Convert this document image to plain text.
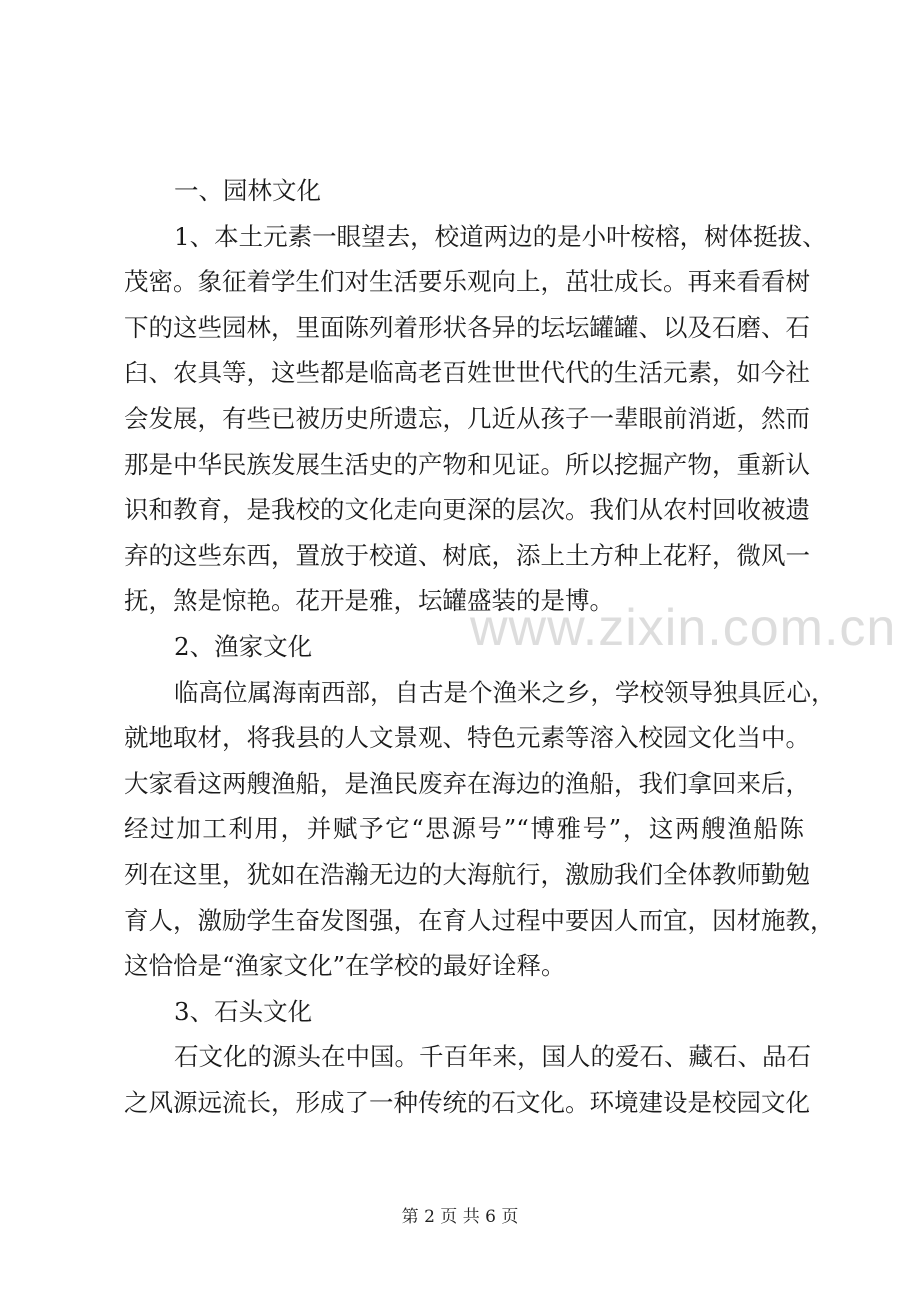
一、园林文化
1、本土元素一眼望去，校道两边的是小叶桉榕，树体挺拔、
茂密。象征着学生们对生活要乐观向上，茁壮成长。再来看看树
下的这些园林，里面陈列着形状各异的坛坛罐罐、以及石磨、石
臼、农具等，这些都是临高老百姓世世代代的生活元素，如今社
会发展，有些已被历史所遗忘，几近从孩子一辈眼前消逝，然而
那是中华民族发展生活史的产物和见证。所以挖掘产物，重新认
识和教育，是我校的文化走向更深的层次。我们从农村回收被遗
弃的这些东西，置放于校道、树底，添上土方种上花籽，微风一
抚，煞是惊艳。花开是雅，坛罐盛装的是博。
2、渔家文化
临高位属海南西部，自古是个渔米之乡，学校领导独具匠心，
就地取材，将我县的人文景观、特色元素等溶入校园文化当中。
大家看这两艘渔船，是渔民废弃在海边的渔船，我们拿回来后，
经过加工利用，并赋予它“思源号”“博雅号”，这两艘渔船陈
列在这里，犹如在浩瀚无边的大海航行，激励我们全体教师勤勉
育人，激励学生奋发图强，在育人过程中要因人而宜，因材施教，
这恰恰是“渔家文化”在学校的最好诠释。
3、石头文化
石文化的源头在中国。千百年来，国人的爱石、藏石、品石
之风源远流长，形成了一种传统的石文化。环境建设是校园文化
www.zixin.com.cn
第 2 页 共 6 页
